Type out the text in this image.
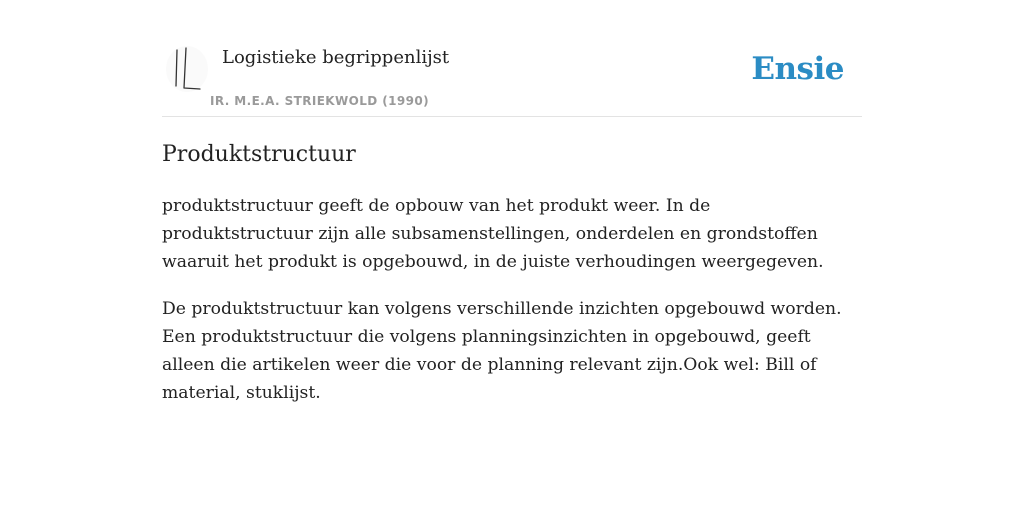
Logistieke begrippenlijst
IR. M.E.A. STRIEKWOLD (1990)
Ensie
Produktstructuur

produktstructuur geeft de opbouw van het produkt weer. In de produktstructuur zijn alle subsamenstellingen, onderdelen en grondstoffen waaruit het produkt is opgebouwd, in de juiste verhoudingen weergegeven.

De produktstructuur kan volgens verschillende inzichten opgebouwd worden. Een produktstructuur die volgens planningsinzichten in opgebouwd, geeft alleen die artikelen weer die voor de planning relevant zijn.Ook wel: Bill of material, stuklijst.
